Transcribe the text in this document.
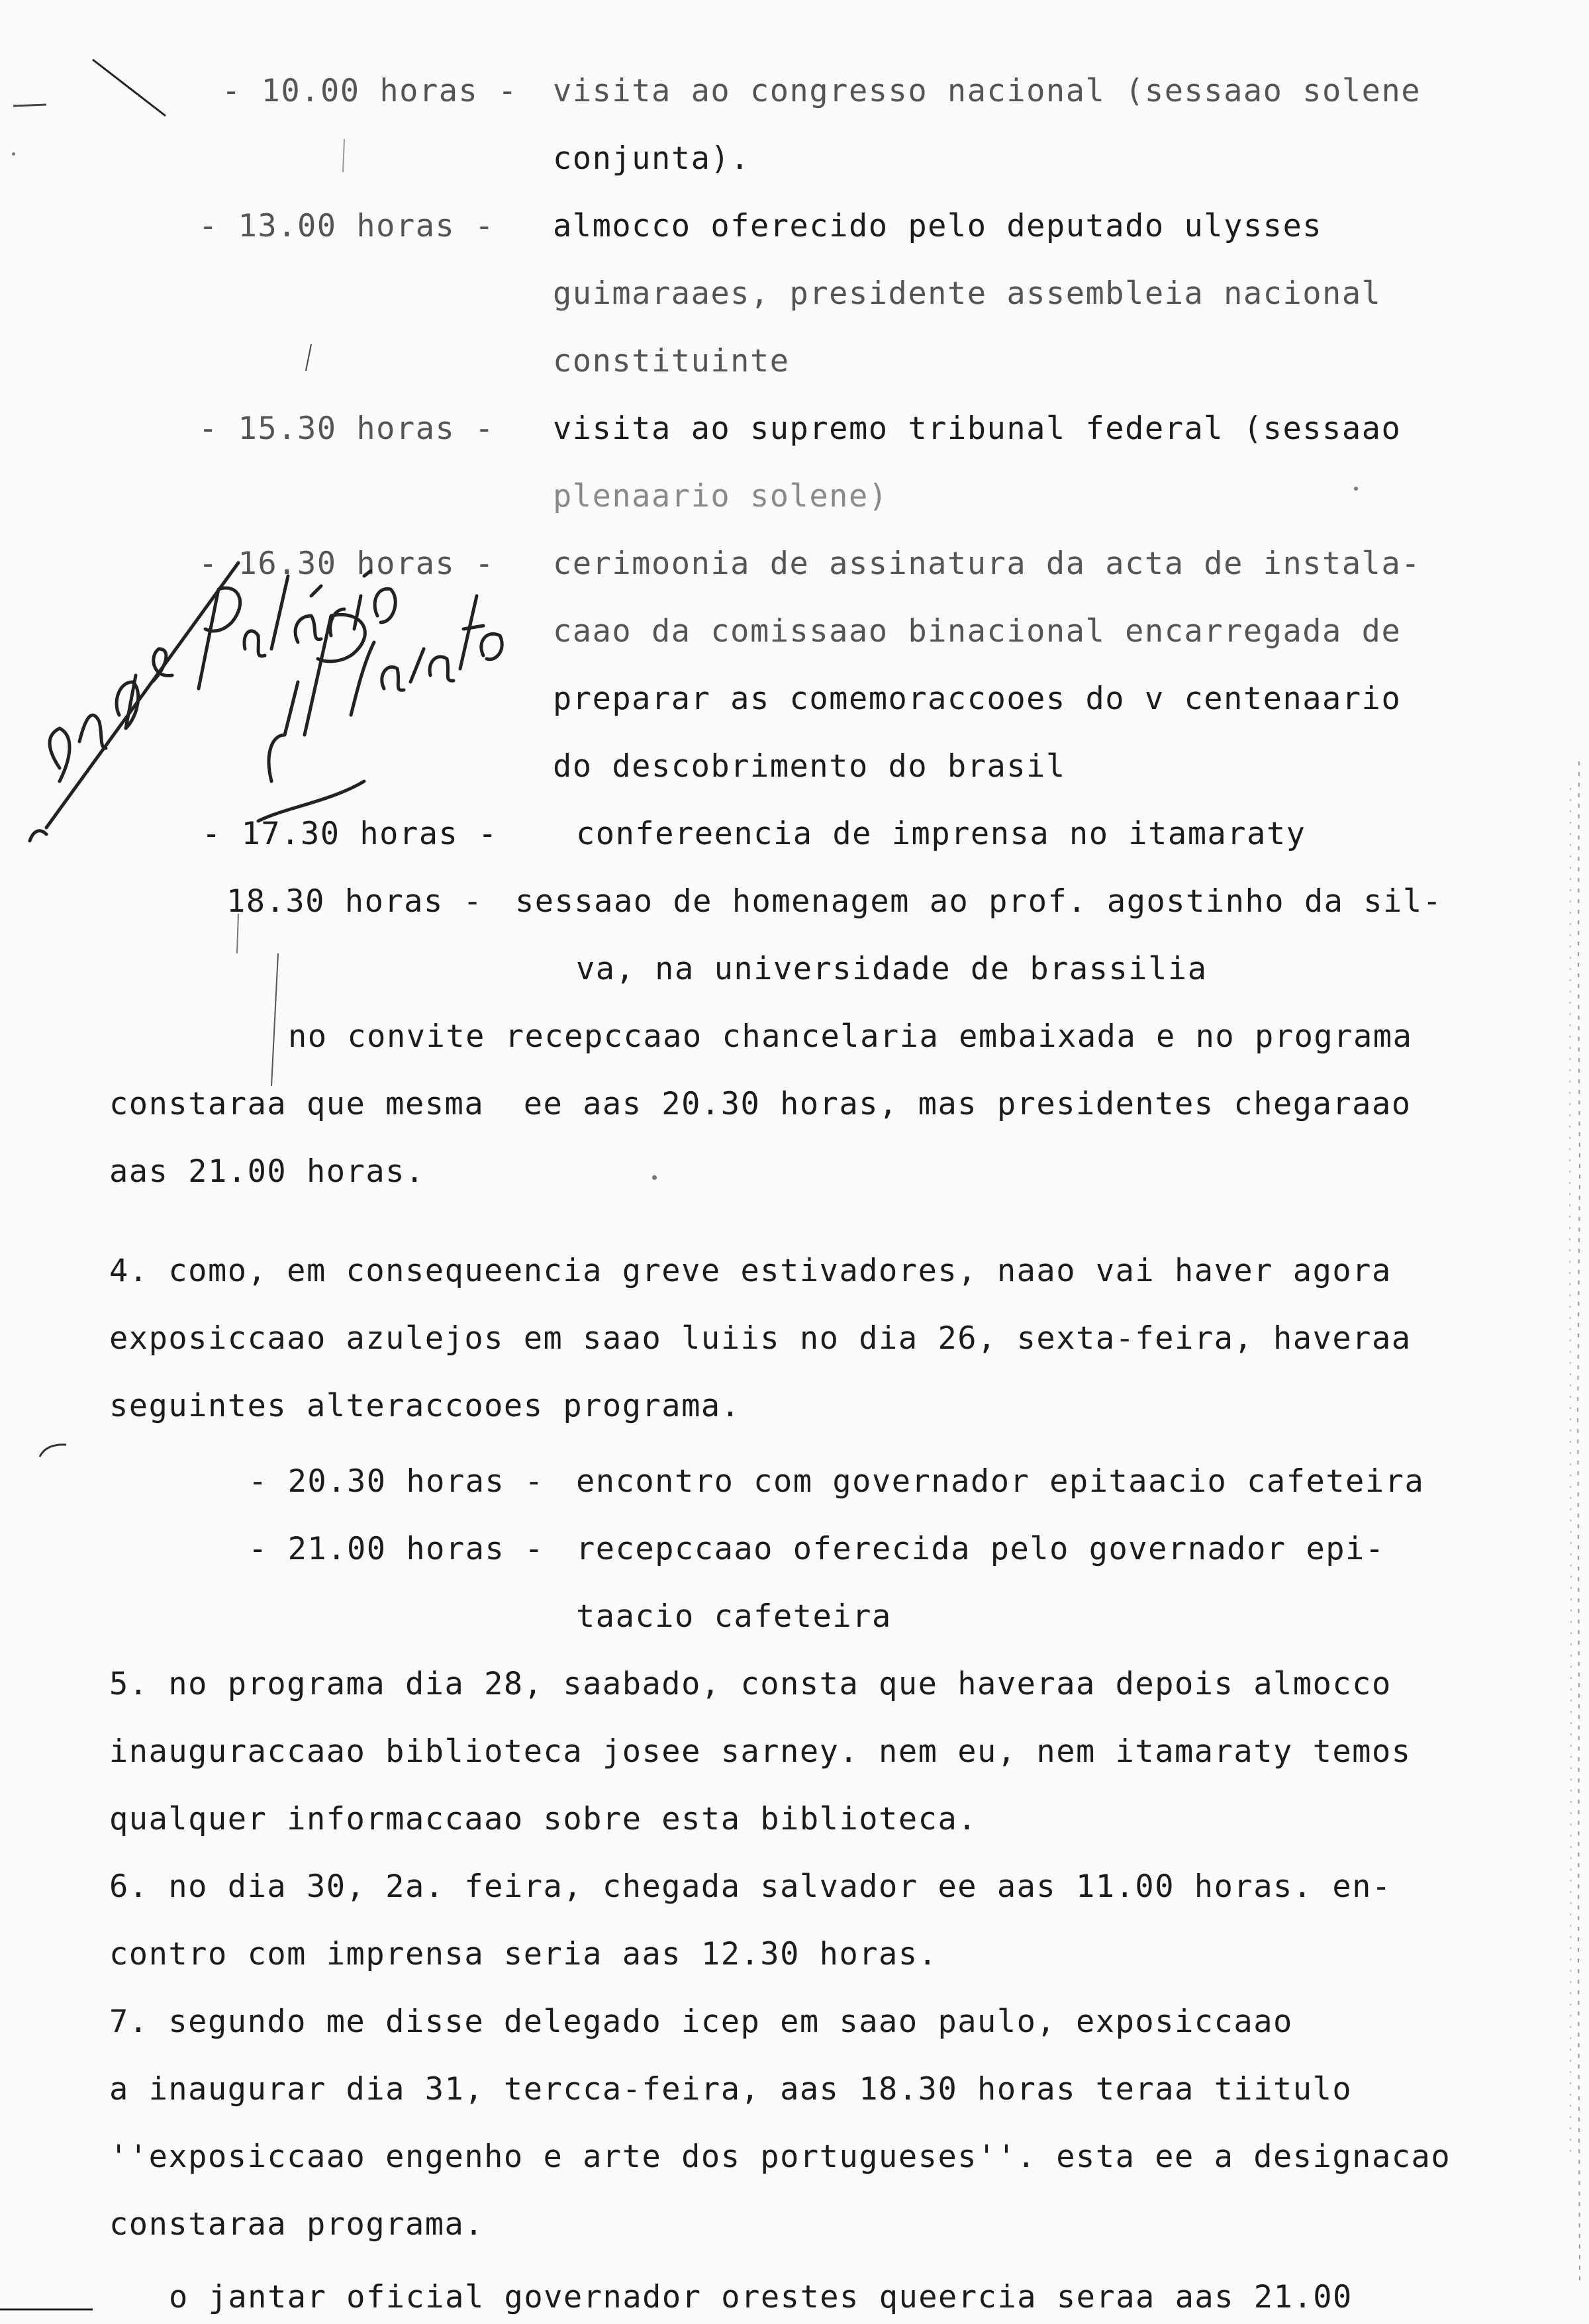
- 10.00 horas - visita ao congresso nacional (sessaao solene
conjunta).
- 13.00 horas - almocco oferecido pelo deputado ulysses
guimaraaes, presidente assembleia nacional
constituinte
- 15.30 horas - visita ao supremo tribunal federal (sessaao
plenaario solene)
- 16.30 horas - cerimoonia de assinatura da acta de instala-
caao da comissaao binacional encarregada de
preparar as comemoraccooes do v centenaario
do descobrimento do brasil
- 17.30 horas -	confereencia de imprensa no itamaraty
18.30 horas - sessaao de homenagem ao prof. agostinho da sil-
va, na universidade de brassilia
no convite recepccaao chancelaria embaixada e no programa
constaraa que mesma  ee aas 20.30 horas, mas presidentes chegaraao
aas 21.00 horas.
4. como, em consequeencia greve estivadores, naao vai haver agora
exposiccaao azulejos em saao luiis no dia 26, sexta-feira, haveraa
seguintes alteraccooes programa.
- 20.30 horas - encontro com governador epitaacio cafeteira
- 21.00 horas - recepccaao oferecida pelo governador epi-
taacio cafeteira
5. no programa dia 28, saabado, consta que haveraa depois almocco
inauguraccaao biblioteca josee sarney. nem eu, nem itamaraty temos
qualquer informaccaao sobre esta biblioteca.
6. no dia 30, 2a. feira, chegada salvador ee aas 11.00 horas. en-
contro com imprensa seria aas 12.30 horas.
7. segundo me disse delegado icep em saao paulo, exposiccaao
a inaugurar dia 31, tercca-feira, aas 18.30 horas teraa tiitulo
''exposiccaao engenho e arte dos portugueses''. esta ee a designacao
constaraa programa.
o jantar oficial governador orestes queercia seraa aas 21.00
